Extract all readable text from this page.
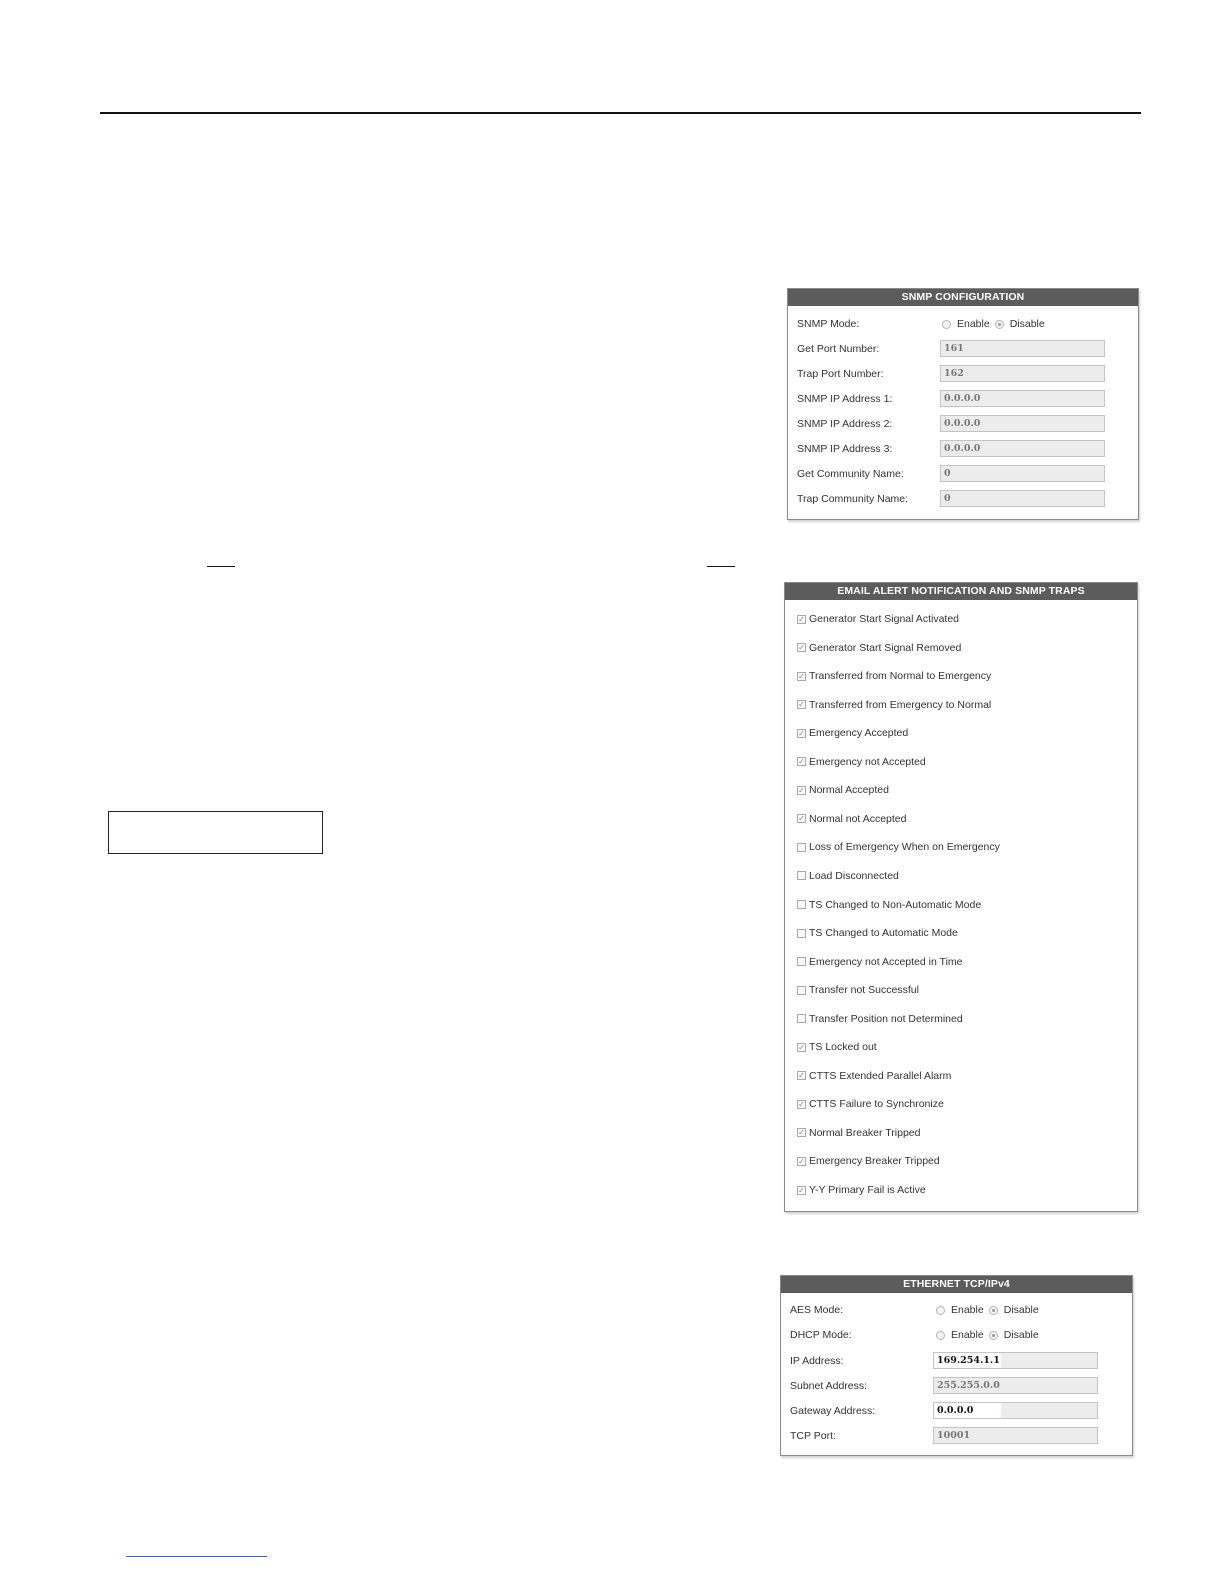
SNMP CONFIGURATION
SNMP Mode:	Enable Disable
Get Port Number:	161
Trap Port Number:	162
SNMP IP Address 1:	0.0.0.0
SNMP IP Address 2:	0.0.0.0
SNMP IP Address 3:	0.0.0.0
Get Community Name:	0
Trap Community Name:	0
EMAIL ALERT NOTIFICATION AND SNMP TRAPS
✓ Generator Start Signal Activated
✓ Generator Start Signal Removed
✓ Transferred from Normal to Emergency
✓ Transferred from Emergency to Normal
✓ Emergency Accepted
✓ Emergency not Accepted
✓ Normal Accepted
✓ Normal not Accepted
Loss of Emergency When on Emergency
Load Disconnected
TS Changed to Non-Automatic Mode
TS Changed to Automatic Mode
Emergency not Accepted in Time
Transfer not Successful
Transfer Position not Determined
✓ TS Locked out
✓ CTTS Extended Parallel Alarm
✓ CTTS Failure to Synchronize
✓ Normal Breaker Tripped
✓ Emergency Breaker Tripped
✓ Y-Y Primary Fail is Active
ETHERNET TCP/IPv4
AES Mode:	Enable Disable
DHCP Mode:	Enable Disable
IP Address:	169.254.1.1
Subnet Address:	255.255.0.0
Gateway Address:	0.0.0.0
TCP Port:	10001
